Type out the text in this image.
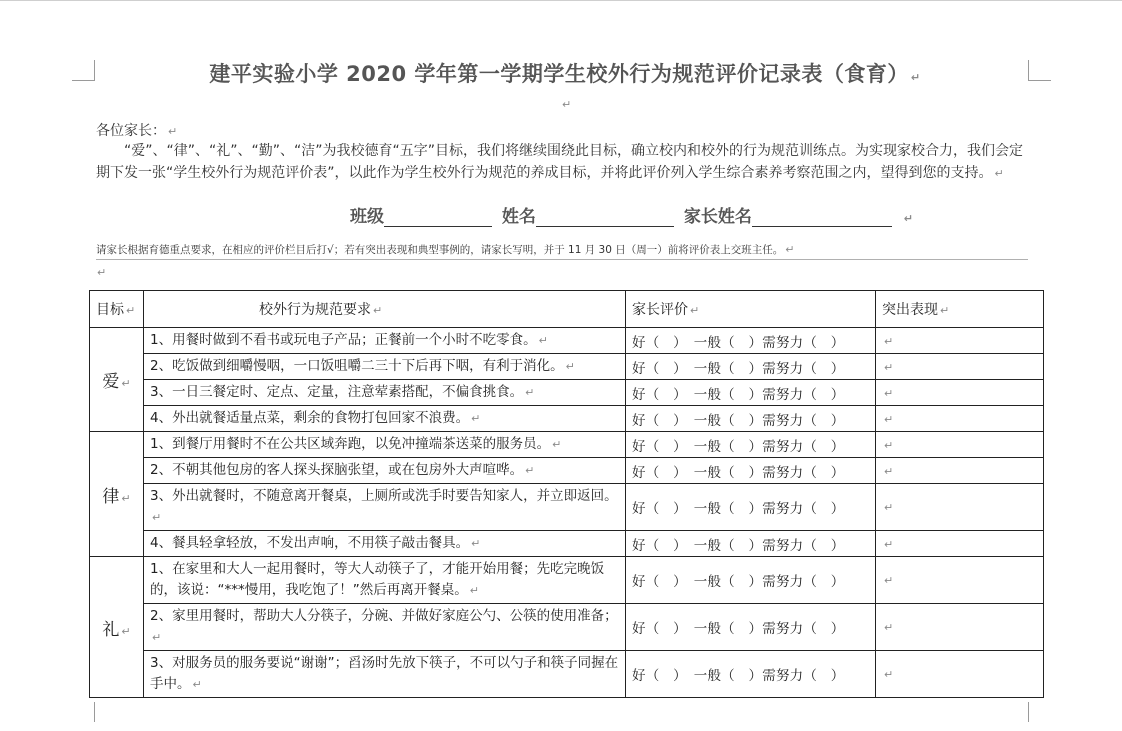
建平实验小学 2020 学年第一学期学生校外行为规范评价记录表（食育） ↵
↵
各位家长： ↵
“爱”、“律”、“礼”、“勤”、“洁”为我校德育“五字”目标，我们将继续围绕此目标，确立校内和校外的行为规范训练点。为实现家校合力，我们会定期下发一张“学生校外行为规范评价表”，以此作为学生校外行为规范的养成目标，并将此评价列入学生综合素养考察范围之内，望得到您的支持。 ↵
班级	姓名	家长姓名	↵
请家长根据育德重点要求，在相应的评价栏目后打√；若有突出表现和典型事例的，请家长写明，并于 11 月 30 日（周一）前将评价表上交班主任。 ↵
↵
目标 ↵	校外行为规范要求 ↵	家长评价 ↵	突出表现 ↵
爱 ↵	1、用餐时做到不看书或玩电子产品；正餐前一个小时不吃零食。 ↵	好（　）　一般（　）需努力（　）	↵
	2、吃饭做到细嚼慢咽，一口饭咀嚼二三十下后再下咽，有利于消化。 ↵	好（　）　一般（　）需努力（　）	↵
	3、一日三餐定时、定点、定量，注意荤素搭配，不偏食挑食。 ↵	好（　）　一般（　）需努力（　）	↵
	4、外出就餐适量点菜，剩余的食物打包回家不浪费。 ↵	好（　）　一般（　）需努力（　）	↵
律 ↵	1、到餐厅用餐时不在公共区域奔跑，以免冲撞端茶送菜的服务员。 ↵	好（　）　一般（　）需努力（　）	↵
	2、不朝其他包房的客人探头探脑张望，或在包房外大声喧哗。 ↵	好（　）　一般（　）需努力（　）	↵
	3、外出就餐时，不随意离开餐桌，上厕所或洗手时要告知家人，并立即返回。↵	好（　）　一般（　）需努力（　）	↵
	4、餐具轻拿轻放，不发出声响，不用筷子敲击餐具。 ↵	好（　）　一般（　）需努力（　）	↵
礼 ↵	1、在家里和大人一起用餐时，等大人动筷子了，才能开始用餐；先吃完晚饭的，该说：“***慢用，我吃饱了！”然后再离开餐桌。 ↵	好（　）　一般（　）需努力（　）	↵
	2、家里用餐时，帮助大人分筷子，分碗、并做好家庭公勺、公筷的使用准备；↵	好（　）　一般（　）需努力（　）	↵
	3、对服务员的服务要说“谢谢”；舀汤时先放下筷子，不可以勺子和筷子同握在手中。 ↵	好（　）　一般（　）需努力（　）	↵
